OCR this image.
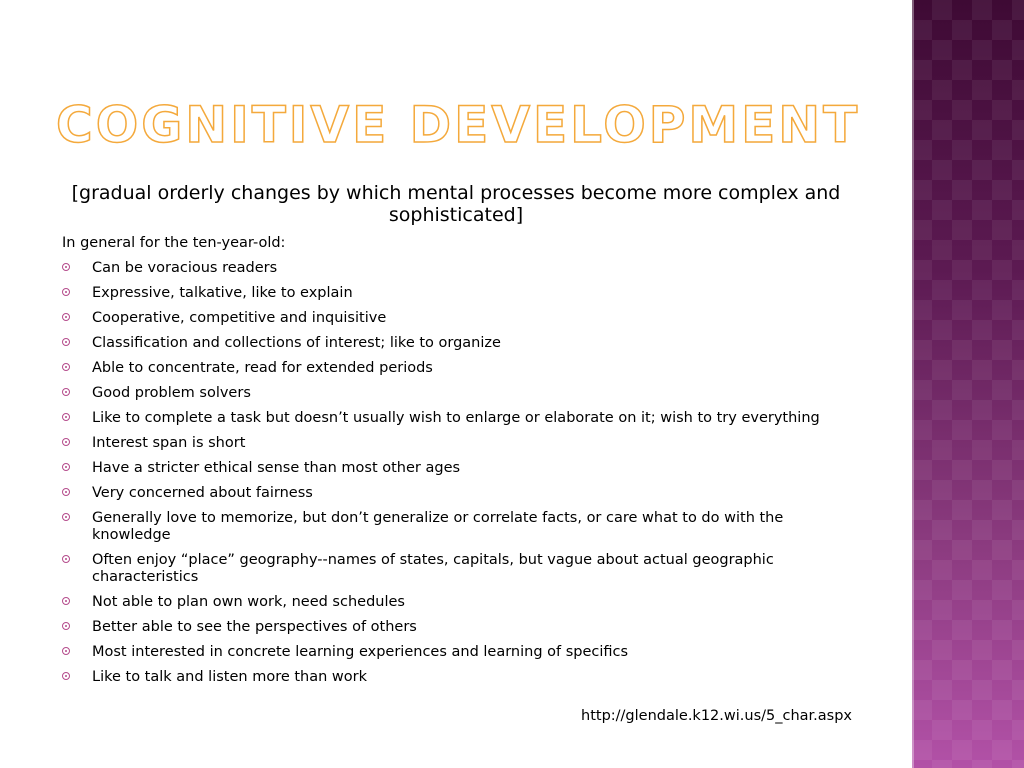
COGNITIVE DEVELOPMENT
[gradual orderly changes by which mental processes become more complex and sophisticated]

In general for the ten-year-old:

Can be voracious readers
Expressive, talkative, like to explain
Cooperative, competitive and inquisitive
Classification and collections of interest; like to organize
Able to concentrate, read for extended periods
Good problem solvers
Like to complete a task but doesn’t usually wish to enlarge or elaborate on it; wish to try everything
Interest span is short
Have a stricter ethical sense than most other ages
Very concerned about fairness
Generally love to memorize, but don’t generalize or correlate facts, or care what to do with the knowledge
Often enjoy “place” geography--names of states, capitals, but vague about actual geographic characteristics
Not able to plan own work, need schedules
Better able to see the perspectives of others
Most interested in concrete learning experiences and learning of specifics
Like to talk and listen more than work
http://glendale.k12.wi.us/5_char.aspx
